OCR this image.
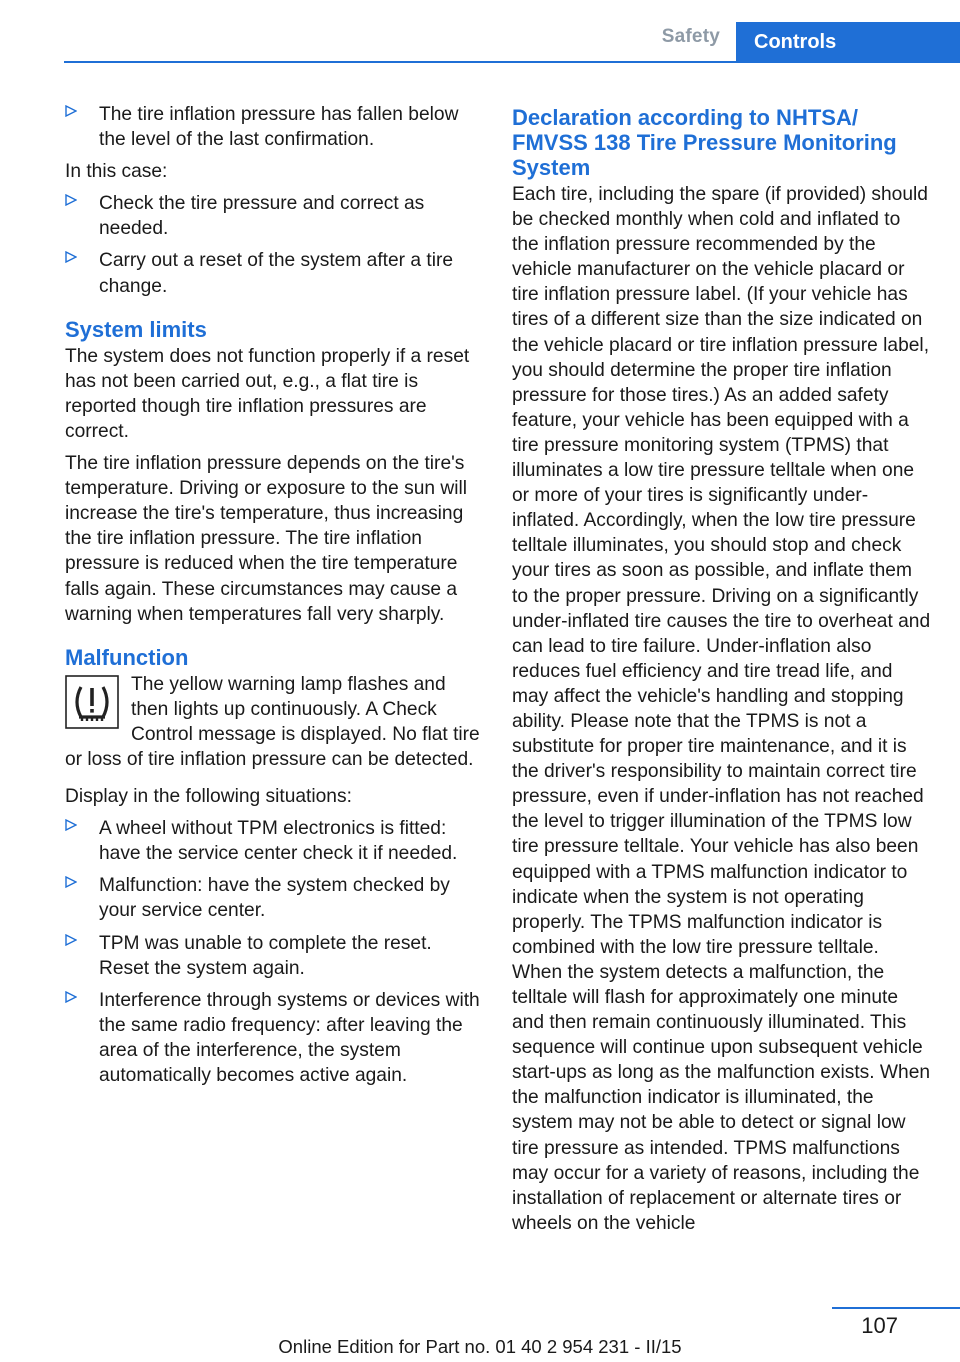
Safety	Controls
The tire inflation pressure has fallen below the level of the last confirmation.

In this case:

Check the tire pressure and correct as needed.
Carry out a reset of the system after a tire change.
System limits

The system does not function properly if a reset has not been carried out, e.g., a flat tire is reported though tire inflation pressures are correct.

The tire inflation pressure depends on the tire's temperature. Driving or exposure to the sun will increase the tire's temperature, thus increasing the tire inflation pressure. The tire inflation pressure is reduced when the tire temperature falls again. These circumstances may cause a warning when temperatures fall very sharply.

Malfunction

The yellow warning lamp flashes and then lights up continuously. A Check Control message is displayed. No flat tire or loss of tire inflation pressure can be detected.

Display in the following situations:

A wheel without TPM electronics is fitted: have the service center check it if needed.
Malfunction: have the system checked by your service center.
TPM was unable to complete the reset. Reset the system again.
Interference through systems or devices with the same radio frequency: after leaving the area of the interference, the system automatically becomes active again.
Declaration according to NHTSA/ FMVSS 138 Tire Pressure Monitoring System

Each tire, including the spare (if provided) should be checked monthly when cold and inflated to the inflation pressure recommended by the vehicle manufacturer on the vehicle placard or tire inflation pressure label. (If your vehicle has tires of a different size than the size indicated on the vehicle placard or tire inflation pressure label, you should determine the proper tire inflation pressure for those tires.) As an added safety feature, your vehicle has been equipped with a tire pressure monitoring system (TPMS) that illuminates a low tire pressure telltale when one or more of your tires is significantly under-inflated. Accordingly, when the low tire pressure telltale illuminates, you should stop and check your tires as soon as possible, and inflate them to the proper pressure. Driving on a significantly under-inflated tire causes the tire to overheat and can lead to tire failure. Under-inflation also reduces fuel efficiency and tire tread life, and may affect the vehicle's handling and stopping ability. Please note that the TPMS is not a substitute for proper tire maintenance, and it is the driver's responsibility to maintain correct tire pressure, even if under-inflation has not reached the level to trigger illumination of the TPMS low tire pressure telltale. Your vehicle has also been equipped with a TPMS malfunction indicator to indicate when the system is not operating properly. The TPMS malfunction indicator is combined with the low tire pressure telltale. When the system detects a malfunction, the telltale will flash for approximately one minute and then remain continuously illuminated. This sequence will continue upon subsequent vehicle start-ups as long as the malfunction exists. When the malfunction indicator is illuminated, the system may not be able to detect or signal low tire pressure as intended. TPMS malfunctions may occur for a variety of reasons, including the installation of replacement or alternate tires or wheels on the vehicle

107
Online Edition for Part no. 01 40 2 954 231 - II/15
